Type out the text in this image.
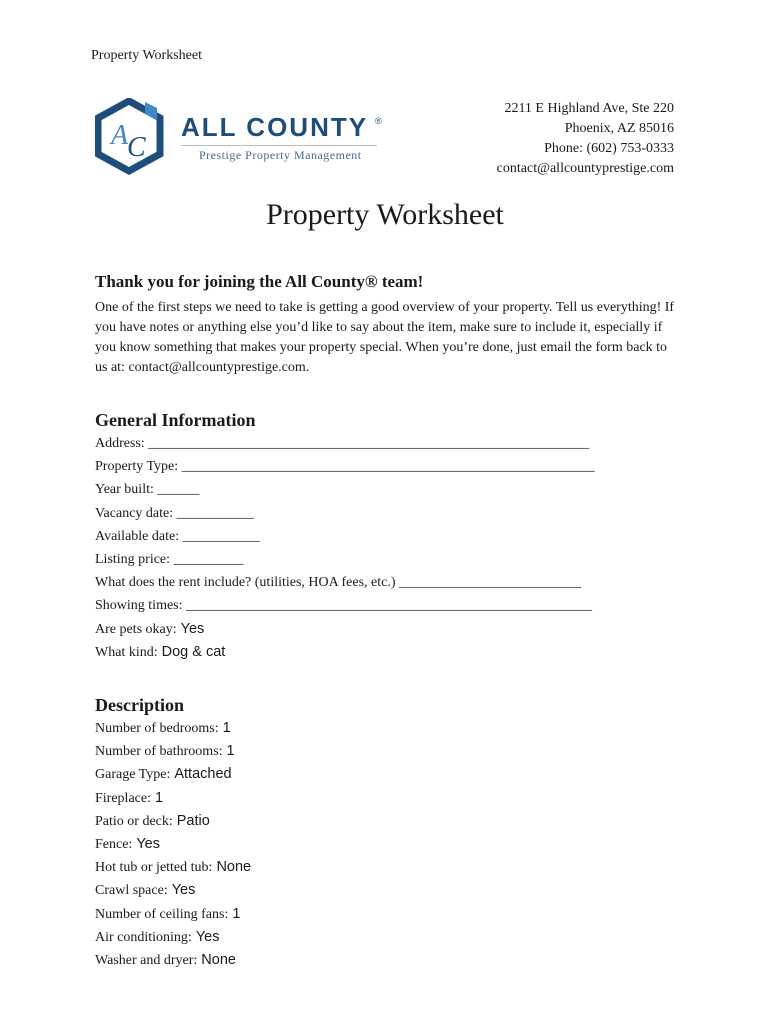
Property Worksheet
A
C
ALL COUNTY ®
Prestige Property Management
2211 E Highland Ave, Ste 220
Phoenix, AZ 85016
Phone: (602) 753-0333
contact@allcountyprestige.com
Property Worksheet
Thank you for joining the All County® team!
One of the first steps we need to take is getting a good overview of your property. Tell us everything! If you have notes or anything else you’d like to say about the item, make sure to include it, especially if you know something that makes your property special. When you’re done, just email the form back to us at: contact@allcountyprestige.com.
General Information
Address: _______________________________________________________________
Property Type: ___________________________________________________________
Year built: ______
Vacancy date: ___________
Available date: ___________
Listing price: __________
What does the rent include? (utilities, HOA fees, etc.) __________________________
Showing times: __________________________________________________________
Are pets okay: Yes
What kind: Dog & cat
Description
Number of bedrooms: 1
Number of bathrooms: 1
Garage Type: Attached
Fireplace: 1
Patio or deck: Patio
Fence: Yes
Hot tub or jetted tub: None
Crawl space: Yes
Number of ceiling fans: 1
Air conditioning: Yes
Washer and dryer: None
